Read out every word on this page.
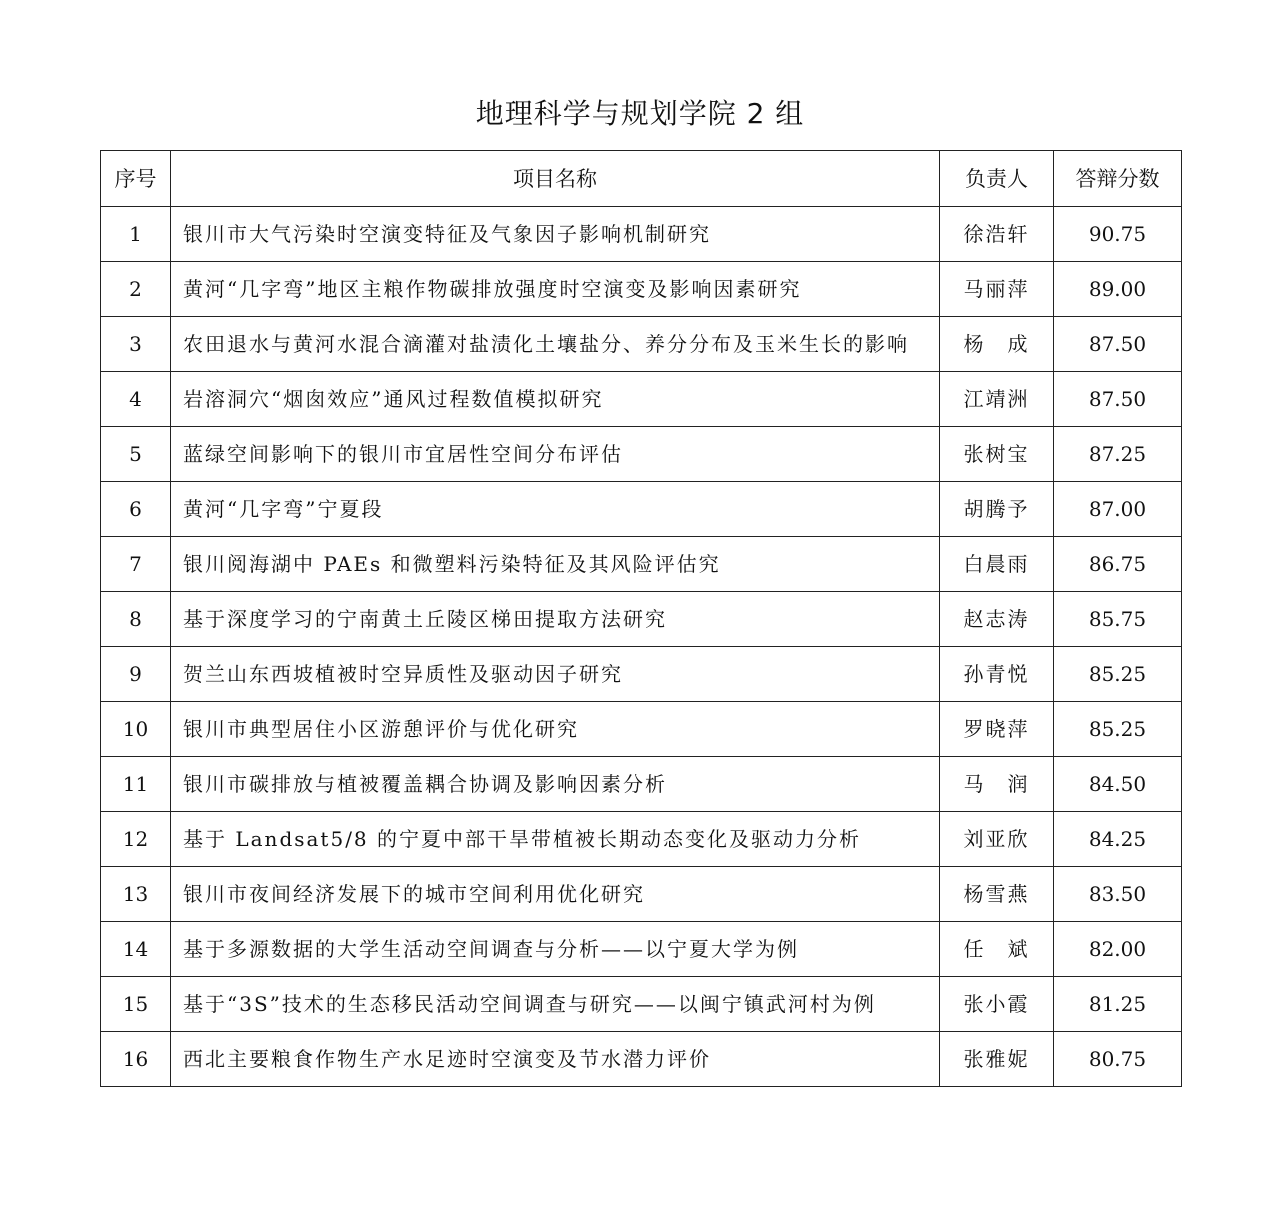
地理科学与规划学院 2 组
序号	项目名称	负责人	答辩分数
1	银川市大气污染时空演变特征及气象因子影响机制研究	徐浩轩	90.75
2	黄河“几字弯”地区主粮作物碳排放强度时空演变及影响因素研究	马丽萍	89.00
3	农田退水与黄河水混合滴灌对盐渍化土壤盐分、养分分布及玉米生长的影响	杨　成	87.50
4	岩溶洞穴“烟囱效应”通风过程数值模拟研究	江靖洲	87.50
5	蓝绿空间影响下的银川市宜居性空间分布评估	张树宝	87.25
6	黄河“几字弯”宁夏段	胡腾予	87.00
7	银川阅海湖中 PAEs 和微塑料污染特征及其风险评估究	白晨雨	86.75
8	基于深度学习的宁南黄土丘陵区梯田提取方法研究	赵志涛	85.75
9	贺兰山东西坡植被时空异质性及驱动因子研究	孙青悦	85.25
10	银川市典型居住小区游憩评价与优化研究	罗晓萍	85.25
11	银川市碳排放与植被覆盖耦合协调及影响因素分析	马　润	84.50
12	基于 Landsat5/8 的宁夏中部干旱带植被长期动态变化及驱动力分析	刘亚欣	84.25
13	银川市夜间经济发展下的城市空间利用优化研究	杨雪燕	83.50
14	基于多源数据的大学生活动空间调查与分析——以宁夏大学为例	任　斌	82.00
15	基于“3S”技术的生态移民活动空间调查与研究——以闽宁镇武河村为例	张小霞	81.25
16	西北主要粮食作物生产水足迹时空演变及节水潜力评价	张雅妮	80.75
